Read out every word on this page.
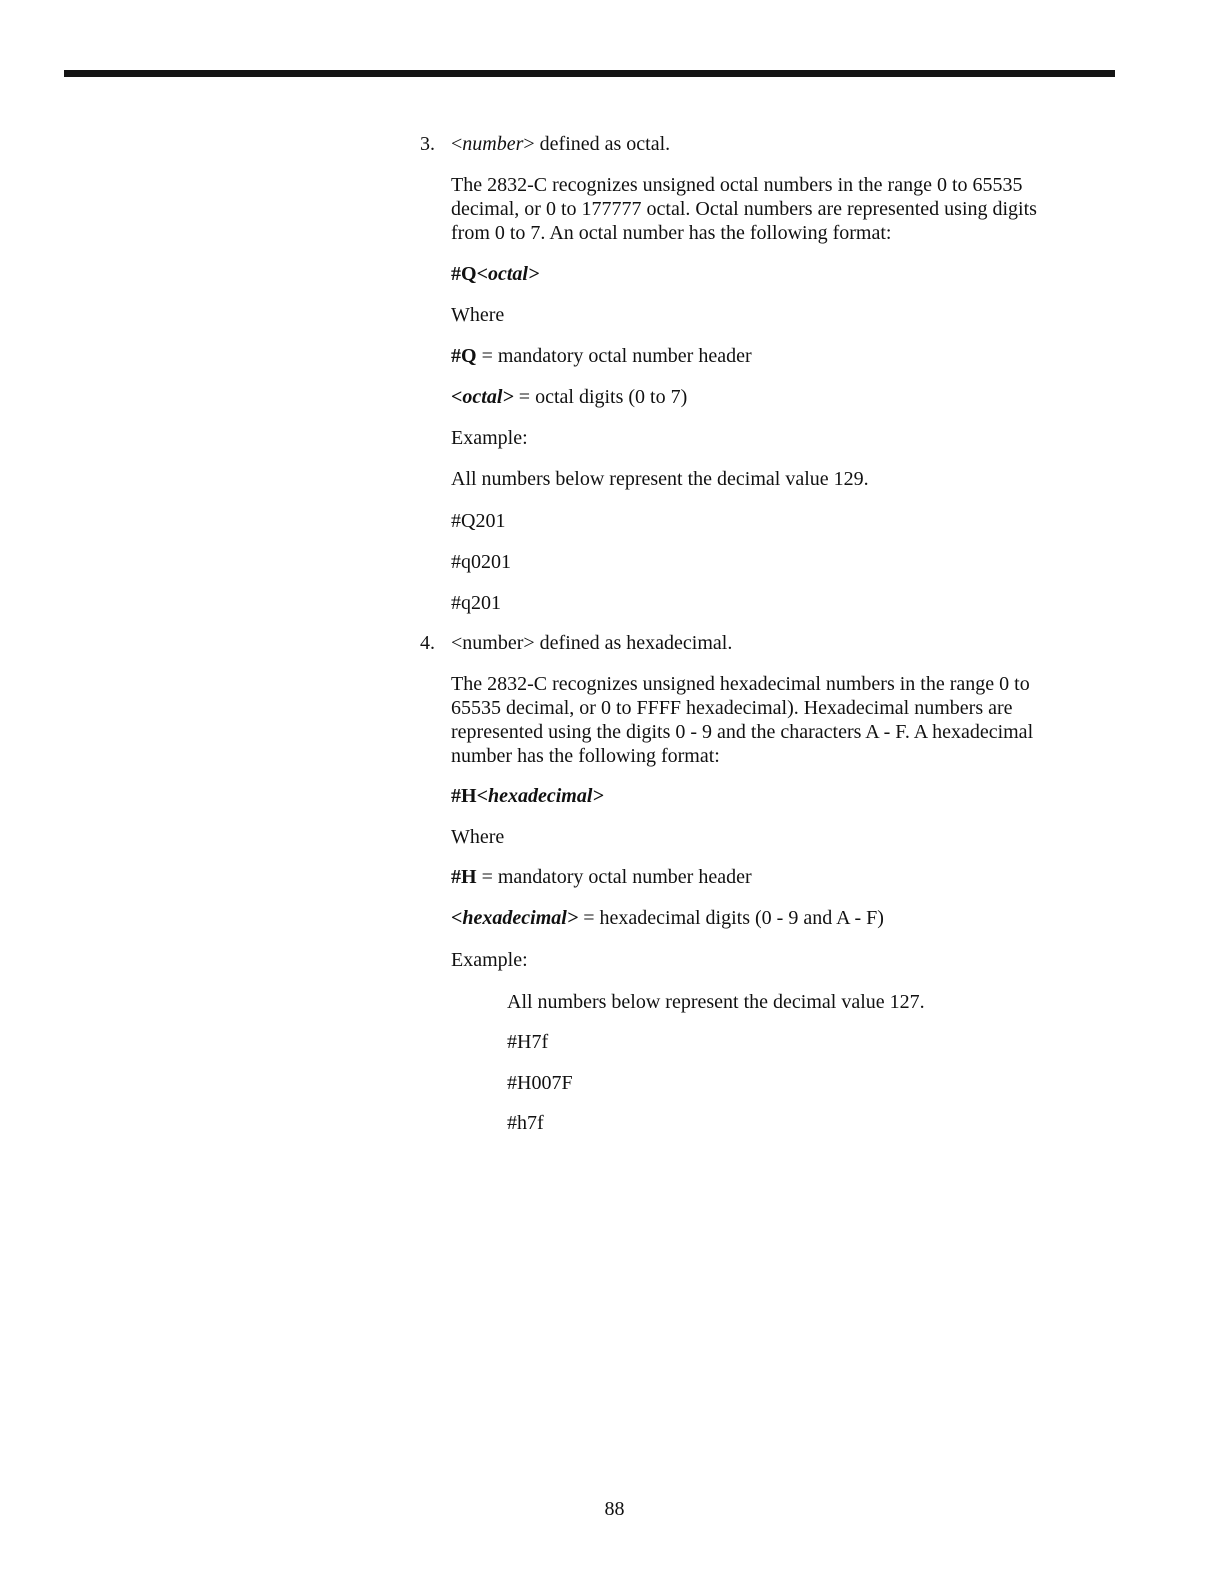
3. <number> defined as octal.
The 2832-C recognizes unsigned octal numbers in the range 0 to 65535
decimal, or 0 to 177777 octal. Octal numbers are represented using digits
from 0 to 7. An octal number has the following format:
#Q<octal>
Where
#Q = mandatory octal number header
<octal> = octal digits (0 to 7)
Example:
All numbers below represent the decimal value 129.
#Q201
#q0201
#q201
4. <number> defined as hexadecimal.
The 2832-C recognizes unsigned hexadecimal numbers in the range 0 to
65535 decimal, or 0 to FFFF hexadecimal). Hexadecimal numbers are
represented using the digits 0 - 9 and the characters A - F. A hexadecimal
number has the following format:
#H<hexadecimal>
Where
#H = mandatory octal number header
<hexadecimal> = hexadecimal digits (0 - 9 and A - F)
Example:
All numbers below represent the decimal value 127.
#H7f
#H007F
#h7f
88
